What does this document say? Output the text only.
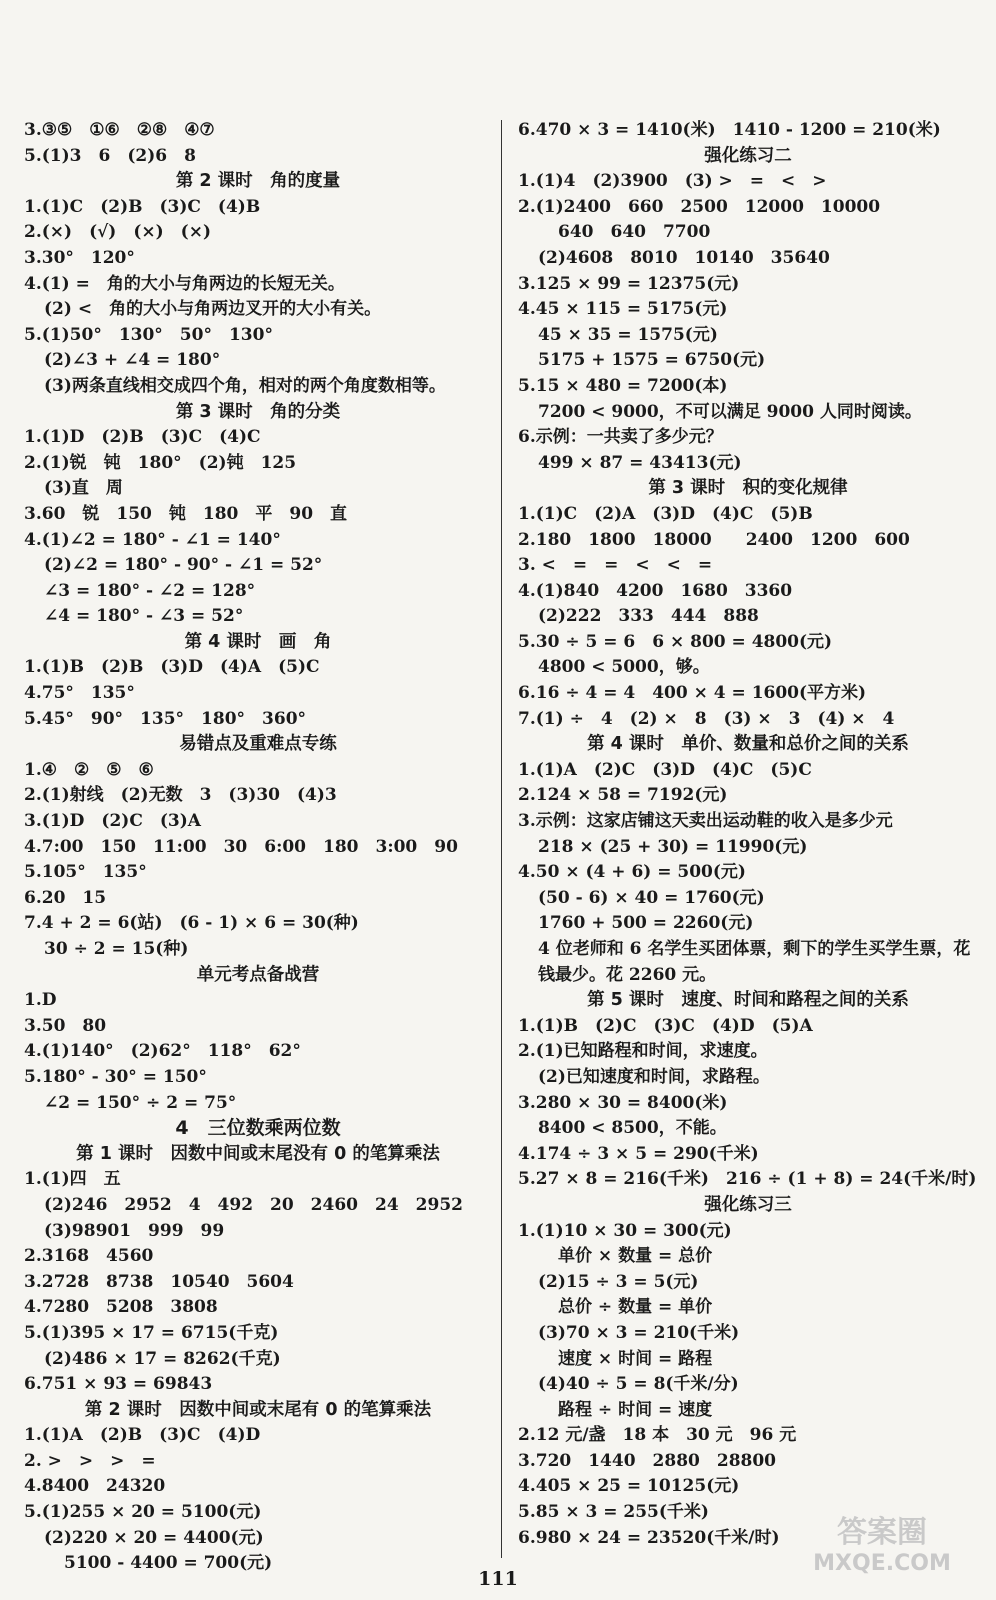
3.③⑤　①⑥　②⑧　④⑦
5.(1)3　6　(2)6　8
第 2 课时　角的度量
1.(1)C　(2)B　(3)C　(4)B
2.(×)　(√)　(×)　(×)
3.30°　120°
4.(1) =　角的大小与角两边的长短无关。
(2) <　角的大小与角两边叉开的大小有关。
5.(1)50°　130°　50°　130°
(2)∠3 + ∠4 = 180°
(3)两条直线相交成四个角，相对的两个角度数相等。
第 3 课时　角的分类
1.(1)D　(2)B　(3)C　(4)C
2.(1)锐　钝　180°　(2)钝　125
(3)直　周
3.60　锐　150　钝　180　平　90　直
4.(1)∠2 = 180° - ∠1 = 140°
(2)∠2 = 180° - 90° - ∠1 = 52°
∠3 = 180° - ∠2 = 128°
∠4 = 180° - ∠3 = 52°
第 4 课时　画　角
1.(1)B　(2)B　(3)D　(4)A　(5)C
4.75°　135°
5.45°　90°　135°　180°　360°
易错点及重难点专练
1.④　②　⑤　⑥
2.(1)射线　(2)无数　3　(3)30　(4)3
3.(1)D　(2)C　(3)A
4.7:00　150　11:00　30　6:00　180　3:00　90
5.105°　135°
6.20　15
7.4 + 2 = 6(站)　(6 - 1) × 6 = 30(种)
30 ÷ 2 = 15(种)
单元考点备战营
1.D
3.50　80
4.(1)140°　(2)62°　118°　62°
5.180° - 30° = 150°
∠2 = 150° ÷ 2 = 75°
4　三位数乘两位数
第 1 课时　因数中间或末尾没有 0 的笔算乘法
1.(1)四　五
(2)246　2952　4　492　20　2460　24　2952
(3)98901　999　99
2.3168　4560
3.2728　8738　10540　5604
4.7280　5208　3808
5.(1)395 × 17 = 6715(千克)
(2)486 × 17 = 8262(千克)
6.751 × 93 = 69843
第 2 课时　因数中间或末尾有 0 的笔算乘法
1.(1)A　(2)B　(3)C　(4)D
2. >　>　>　=
4.8400　24320
5.(1)255 × 20 = 5100(元)
(2)220 × 20 = 4400(元)
5100 - 4400 = 700(元)
6.470 × 3 = 1410(米)　1410 - 1200 = 210(米)
强化练习二
1.(1)4　(2)3900　(3) >　=　<　>
2.(1)2400　660　2500　12000　10000
640　640　7700
(2)4608　8010　10140　35640
3.125 × 99 = 12375(元)
4.45 × 115 = 5175(元)
45 × 35 = 1575(元)
5175 + 1575 = 6750(元)
5.15 × 480 = 7200(本)
7200 < 9000，不可以满足 9000 人同时阅读。
6.示例：一共卖了多少元？
499 × 87 = 43413(元)
第 3 课时　积的变化规律
1.(1)C　(2)A　(3)D　(4)C　(5)B
2.180　1800　18000　　2400　1200　600
3. <　=　=　<　<　=
4.(1)840　4200　1680　3360
(2)222　333　444　888
5.30 ÷ 5 = 6　6 × 800 = 4800(元)
4800 < 5000，够。
6.16 ÷ 4 = 4　400 × 4 = 1600(平方米)
7.(1) ÷　4　(2) ×　8　(3) ×　3　(4) ×　4
第 4 课时　单价、数量和总价之间的关系
1.(1)A　(2)C　(3)D　(4)C　(5)C
2.124 × 58 = 7192(元)
3.示例：这家店铺这天卖出运动鞋的收入是多少元
218 × (25 + 30) = 11990(元)
4.50 × (4 + 6) = 500(元)
(50 - 6) × 40 = 1760(元)
1760 + 500 = 2260(元)
4 位老师和 6 名学生买团体票，剩下的学生买学生票，花
钱最少。花 2260 元。
第 5 课时　速度、时间和路程之间的关系
1.(1)B　(2)C　(3)C　(4)D　(5)A
2.(1)已知路程和时间，求速度。
(2)已知速度和时间，求路程。
3.280 × 30 = 8400(米)
8400 < 8500，不能。
4.174 ÷ 3 × 5 = 290(千米)
5.27 × 8 = 216(千米)　216 ÷ (1 + 8) = 24(千米/时)
强化练习三
1.(1)10 × 30 = 300(元)
单价 × 数量 = 总价
(2)15 ÷ 3 = 5(元)
总价 ÷ 数量 = 单价
(3)70 × 3 = 210(千米)
速度 × 时间 = 路程
(4)40 ÷ 5 = 8(千米/分)
路程 ÷ 时间 = 速度
2.12 元/盏　18 本　30 元　96 元
3.720　1440　2880　28800
4.405 × 25 = 10125(元)
5.85 × 3 = 255(千米)
6.980 × 24 = 23520(千米/时)
111
答案圈
MXQE.COM
